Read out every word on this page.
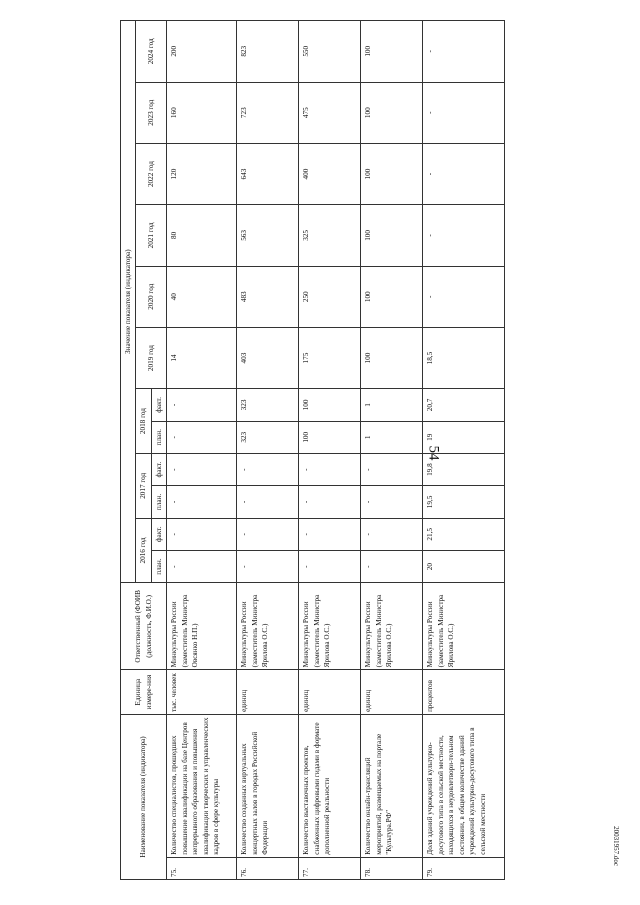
54
Наименование показателя (индикатора)		Единица измере-ния	Ответственный (ФОИВ (должность, Ф.И.О.)	Значение показателя (индикатора)											
				2016 год		2017 год		2018 год		2019 год	2020 год	2021 год	2022 год	2023 год	2024 год
				план.	факт.	план.	факт.	план.	факт.						
75.	Количество специалистов, прошедших повышение квалификации на базе Центров непрерывного образования и повышения квалификации творческих и управленческих кадров в сфере культуры	тыс. человек	Минкультуры России (заместитель Министра Овсянко Н.П.)	-	-	-	-	-	-	14	40	80	120	160	200
76.	Количество созданных виртуальных концертных залов в городах Российской Федерации	единиц	Минкультуры России (заместитель Министра Ярилова О.С.)	-	-	-	-	323	323	403	483	563	643	723	823
77.	Количество выставочных проектов, снабженных цифровыми гидами в формате дополненной реальности	единиц	Минкультуры России (заместитель Министра Ярилова О.С.)	-	-	-	-	100	100	175	250	325	400	475	550
78.	Количество онлайн-трансляций мероприятий, размещаемых на портале "Культура.РФ"	единиц	Минкультуры России (заместитель Министра Ярилова О.С.)	-	-	-	-	1	1	100	100	100	100	100	100
79.	Доля зданий учреждений культурно-досугового типа в сельской местности, находящихся в неудовлетвори-тельном состоянии, в общем количестве зданий учреждений культурно-досугового типа в сельской местности	процентов	Минкультуры России (заместитель Министра Ярилова О.С.)	20	21,5	19,5	19,8	19	20,7	18,5	-	-	-	-	-
20031957.doc
